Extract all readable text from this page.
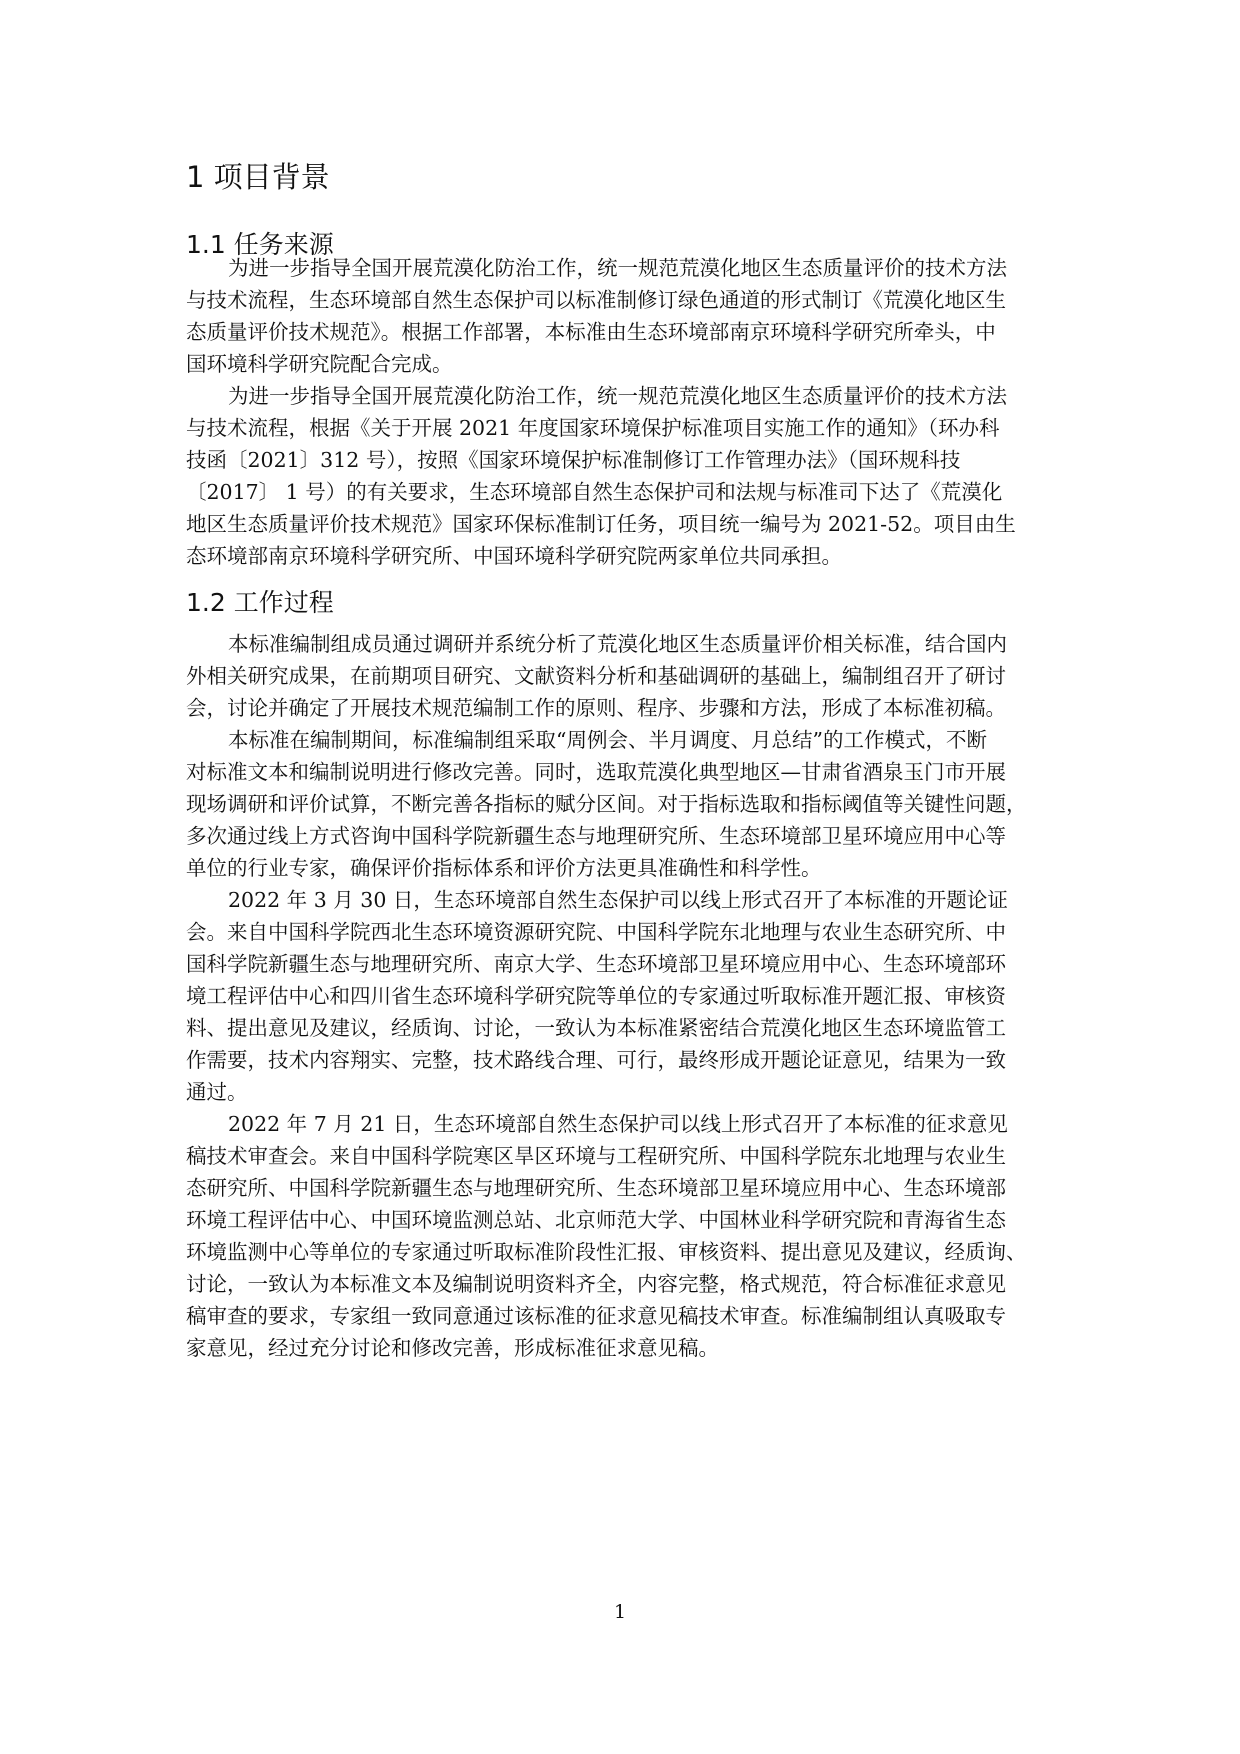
1 项目背景
1.1 任务来源
为进一步指导全国开展荒漠化防治工作，统一规范荒漠化地区生态质量评价的技术方法
与技术流程，生态环境部自然生态保护司以标准制修订绿色通道的形式制订《荒漠化地区生
态质量评价技术规范》。根据工作部署，本标准由生态环境部南京环境科学研究所牵头，中
国环境科学研究院配合完成。
为进一步指导全国开展荒漠化防治工作，统一规范荒漠化地区生态质量评价的技术方法
与技术流程，根据《关于开展 2021 年度国家环境保护标准项目实施工作的通知》（环办科
技函〔2021〕312 号），按照《国家环境保护标准制修订工作管理办法》（国环规科技
〔2017〕 1 号）的有关要求，生态环境部自然生态保护司和法规与标准司下达了《荒漠化
地区生态质量评价技术规范》国家环保标准制订任务，项目统一编号为 2021-52。项目由生
态环境部南京环境科学研究所、中国环境科学研究院两家单位共同承担。
1.2 工作过程
本标准编制组成员通过调研并系统分析了荒漠化地区生态质量评价相关标准，结合国内
外相关研究成果，在前期项目研究、文献资料分析和基础调研的基础上，编制组召开了研讨
会，讨论并确定了开展技术规范编制工作的原则、程序、步骤和方法，形成了本标准初稿。
本标准在编制期间，标准编制组采取“周例会、半月调度、月总结”的工作模式，不断
对标准文本和编制说明进行修改完善。同时，选取荒漠化典型地区—甘肃省酒泉玉门市开展
现场调研和评价试算，不断完善各指标的赋分区间。对于指标选取和指标阈值等关键性问题，
多次通过线上方式咨询中国科学院新疆生态与地理研究所、生态环境部卫星环境应用中心等
单位的行业专家，确保评价指标体系和评价方法更具准确性和科学性。
2022 年 3 月 30 日，生态环境部自然生态保护司以线上形式召开了本标准的开题论证
会。来自中国科学院西北生态环境资源研究院、中国科学院东北地理与农业生态研究所、中
国科学院新疆生态与地理研究所、南京大学、生态环境部卫星环境应用中心、生态环境部环
境工程评估中心和四川省生态环境科学研究院等单位的专家通过听取标准开题汇报、审核资
料、提出意见及建议，经质询、讨论，一致认为本标准紧密结合荒漠化地区生态环境监管工
作需要，技术内容翔实、完整，技术路线合理、可行，最终形成开题论证意见，结果为一致
通过。
2022 年 7 月 21 日，生态环境部自然生态保护司以线上形式召开了本标准的征求意见
稿技术审查会。来自中国科学院寒区旱区环境与工程研究所、中国科学院东北地理与农业生
态研究所、中国科学院新疆生态与地理研究所、生态环境部卫星环境应用中心、生态环境部
环境工程评估中心、中国环境监测总站、北京师范大学、中国林业科学研究院和青海省生态
环境监测中心等单位的专家通过听取标准阶段性汇报、审核资料、提出意见及建议，经质询、
讨论，一致认为本标准文本及编制说明资料齐全，内容完整，格式规范，符合标准征求意见
稿审查的要求，专家组一致同意通过该标准的征求意见稿技术审查。标准编制组认真吸取专
家意见，经过充分讨论和修改完善，形成标准征求意见稿。
1
